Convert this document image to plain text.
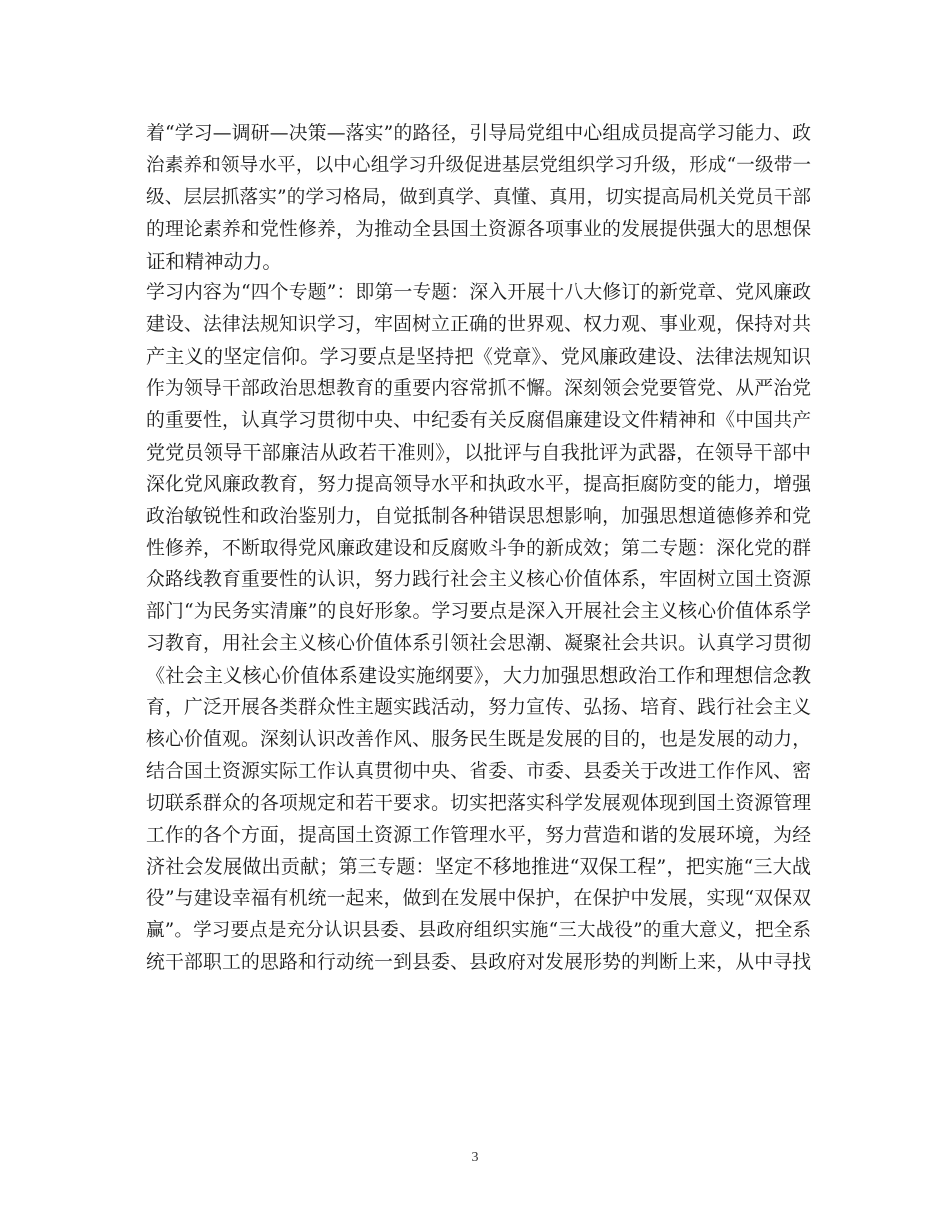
着“学习—调研—决策—落实”的路径，引导局党组中心组成员提高学习能力、政
治素养和领导水平，以中心组学习升级促进基层党组织学习升级，形成“一级带一
级、层层抓落实”的学习格局，做到真学、真懂、真用，切实提高局机关党员干部
的理论素养和党性修养，为推动全县国土资源各项事业的发展提供强大的思想保
证和精神动力。
学习内容为“四个专题”：即第一专题：深入开展十八大修订的新党章、党风廉政
建设、法律法规知识学习，牢固树立正确的世界观、权力观、事业观，保持对共
产主义的坚定信仰。学习要点是坚持把《党章》、党风廉政建设、法律法规知识
作为领导干部政治思想教育的重要内容常抓不懈。深刻领会党要管党、从严治党
的重要性，认真学习贯彻中央、中纪委有关反腐倡廉建设文件精神和《中国共产
党党员领导干部廉洁从政若干准则》，以批评与自我批评为武器，在领导干部中
深化党风廉政教育，努力提高领导水平和执政水平，提高拒腐防变的能力，增强
政治敏锐性和政治鉴别力，自觉抵制各种错误思想影响，加强思想道德修养和党
性修养，不断取得党风廉政建设和反腐败斗争的新成效；第二专题：深化党的群
众路线教育重要性的认识，努力践行社会主义核心价值体系，牢固树立国土资源
部门“为民务实清廉”的良好形象。学习要点是深入开展社会主义核心价值体系学
习教育，用社会主义核心价值体系引领社会思潮、凝聚社会共识。认真学习贯彻
《社会主义核心价值体系建设实施纲要》，大力加强思想政治工作和理想信念教
育，广泛开展各类群众性主题实践活动，努力宣传、弘扬、培育、践行社会主义
核心价值观。深刻认识改善作风、服务民生既是发展的目的，也是发展的动力，
结合国土资源实际工作认真贯彻中央、省委、市委、县委关于改进工作作风、密
切联系群众的各项规定和若干要求。切实把落实科学发展观体现到国土资源管理
工作的各个方面，提高国土资源工作管理水平，努力营造和谐的发展环境，为经
济社会发展做出贡献；第三专题：坚定不移地推进“双保工程”，把实施“三大战
役”与建设幸福有机统一起来，做到在发展中保护，在保护中发展，实现“双保双
赢”。学习要点是充分认识县委、县政府组织实施“三大战役”的重大意义，把全系
统干部职工的思路和行动统一到县委、县政府对发展形势的判断上来，从中寻找
3
